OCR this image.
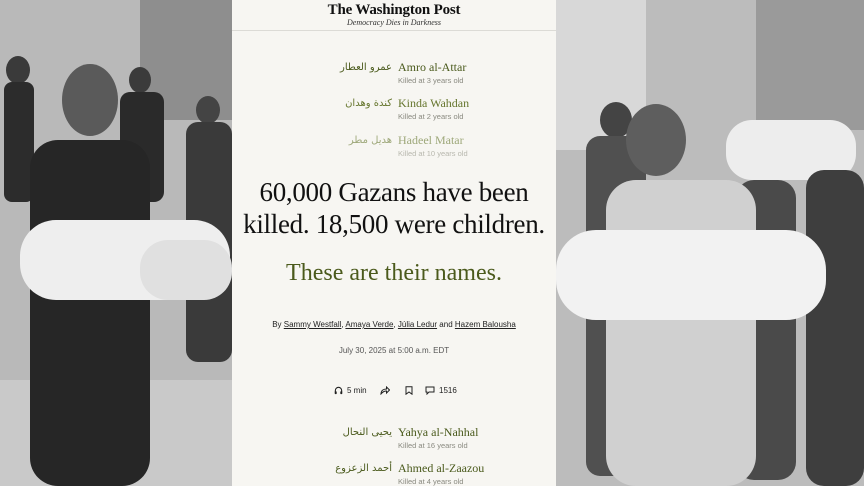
The Washington Post
Democracy Dies in Darkness
عمرو العطار Amro al-Attar
Killed at 3 years old
كندة وهدان Kinda Wahdan
Killed at 2 years old
هديل مطر Hadeel Matar
Killed at 10 years old
60,000 Gazans have been
killed. 18,500 were children.
These are their names.
By Sammy Westfall, Amaya Verde, Júlia Ledur and Hazem Balousha
July 30, 2025 at 5:00 a.m. EDT
5 min	1516
يحيى النحال Yahya al-Nahhal
Killed at 16 years old
أحمد الزعزوع Ahmed al-Zaazou
Killed at 4 years old
